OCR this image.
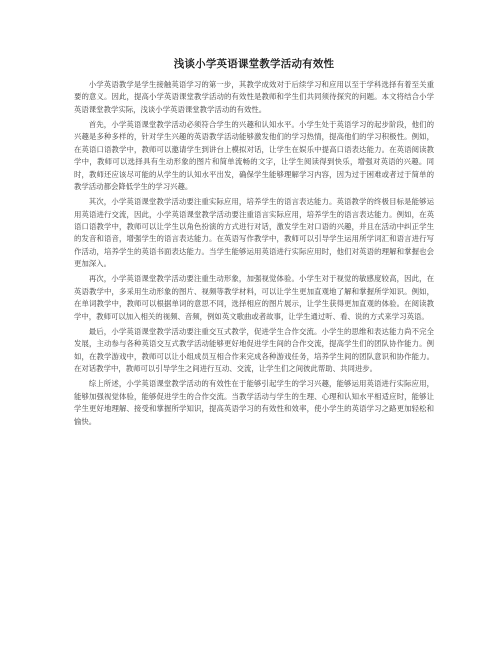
浅谈小学英语课堂教学活动有效性

小学英语教学是学生接触英语学习的第一步，其教学成效对于后续学习和应用以至于学科选择有着至关重要的意义。因此，提高小学英语课堂教学活动的有效性是教师和学生们共同须待探究的问题。本文将结合小学英语课堂教学实际，浅谈小学英语课堂教学活动的有效性。

首先，小学英语课堂教学活动必须符合学生的兴趣和认知水平。小学生处于英语学习的起步阶段，他们的兴趣是多种多样的，针对学生兴趣的英语教学活动能够激发他们的学习热情，提高他们的学习积极性。例如，在英语口语教学中，教师可以邀请学生到讲台上模拟对话，让学生在娱乐中提高口语表达能力。在英语阅读教学中，教师可以选择具有生动形象的图片和简单流畅的文字，让学生阅读得到快乐，增强对英语的兴趣。同时，教师还应该尽可能的从学生的认知水平出发，确保学生能够理解学习内容，因为过于困难或者过于简单的教学活动都会降低学生的学习兴趣。

其次，小学英语课堂教学活动要注重实际应用，培养学生的语言表达能力。英语教学的终极目标是能够运用英语进行交流，因此，小学英语课堂教学活动要注重语言实际应用，培养学生的语言表达能力。例如，在英语口语教学中，教师可以让学生以角色扮演的方式进行对话，激发学生对口语的兴趣，并且在活动中纠正学生的发音和语音，增强学生的语言表达能力。在英语写作教学中，教师可以引导学生运用所学词汇和语言进行写作活动，培养学生的英语书面表达能力。当学生能够运用英语进行实际应用时，他们对英语的理解和掌握也会更加深入。

再次，小学英语课堂教学活动要注重生动形象，加强视觉体验。小学生对于视觉的敏感度较高，因此，在英语教学中，多采用生动形象的图片、视频等教学材料，可以让学生更加直观地了解和掌握所学知识。例如，在单词教学中，教师可以根据单词的意思不同，选择相应的图片展示，让学生获得更加直观的体验。在阅读教学中，教师可以加入相关的视频、音频，例如英文歌曲或者故事，让学生通过听、看、说的方式来学习英语。

最后，小学英语课堂教学活动要注重交互式教学，促进学生合作交流。小学生的思维和表达能力尚不完全发展，主动参与各种英语交互式教学活动能够更好地促进学生间的合作交流，提高学生们的团队协作能力。例如，在教学游戏中，教师可以让小组成员互相合作来完成各种游戏任务，培养学生间的团队意识和协作能力。在对话教学中，教师可以引导学生之间进行互动、交流，让学生们之间彼此帮助、共同进步。

综上所述，小学英语课堂教学活动的有效性在于能够引起学生的学习兴趣，能够运用英语进行实际应用，能够加强视觉体验，能够促进学生的合作交流。当教学活动与学生的生理、心理和认知水平相适应时，能够让学生更好地理解、接受和掌握所学知识，提高英语学习的有效性和效率，使小学生的英语学习之路更加轻松和愉快。
